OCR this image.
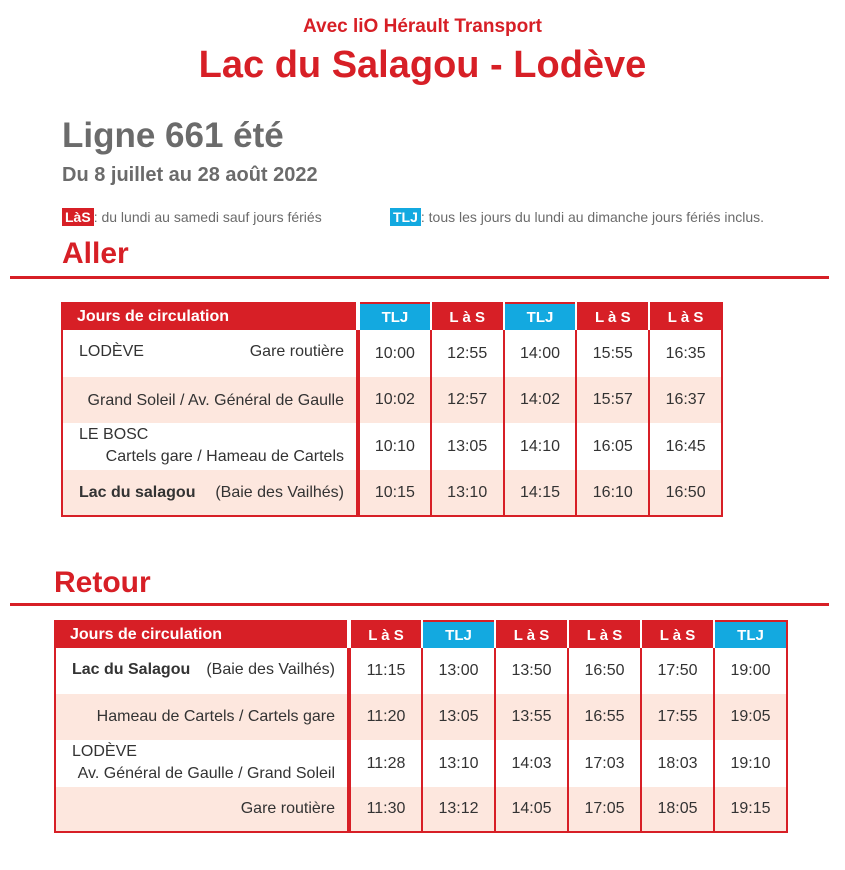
Avec liO Hérault Transport
Lac du Salagou - Lodève
Ligne 661 été
Du 8 juillet au 28 août 2022
LàS : du lundi au samedi sauf jours fériés	TLJ : tous les jours du lundi au dimanche jours fériés inclus.
Aller
Jours de circulation	TLJ	L à S	TLJ	L à S	L à S

LODÈVE Gare routière	10:00	12:55	14:00	15:55	16:35

Grand Soleil / Av. Général de Gaulle	10:02	12:57	14:02	15:57	16:37

LE BOSC
Cartels gare / Hameau de Cartels	10:10	13:05	14:10	16:05	16:45

Lac du salagou (Baie des Vailhés)	10:15	13:10	14:15	16:10	16:50
Retour
Jours de circulation	L à S	TLJ	L à S	L à S	L à S	TLJ

Lac du Salagou (Baie des Vailhés)	11:15	13:00	13:50	16:50	17:50	19:00

Hameau de Cartels / Cartels gare	11:20	13:05	13:55	16:55	17:55	19:05

LODÈVE
Av. Général de Gaulle / Grand Soleil	11:28	13:10	14:03	17:03	18:03	19:10

Gare routière	11:30	13:12	14:05	17:05	18:05	19:15
